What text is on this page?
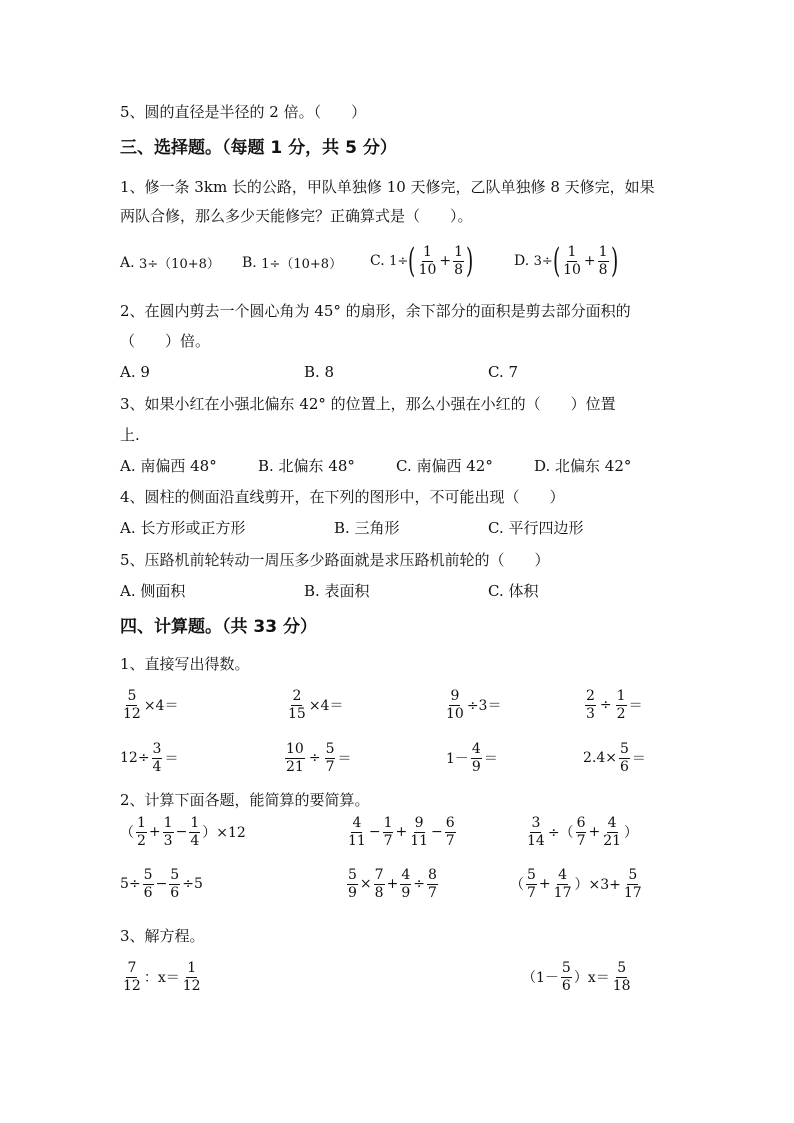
5、圆的直径是半径的 2 倍。（　　）
三、选择题。（每题 1 分，共 5 分）
1、修一条 3km 长的公路，甲队单独修 10 天修完，乙队单独修 8 天修完，如果
两队合修，那么多少天能修完？正确算式是（　　）。
A.
3÷（10+8） B.
1÷（10+8） C.
1÷ ( $\frac{1}{10} + \frac{1}{8}$ )	D.
3÷ ( $\frac{1}{10} + \frac{1}{8}$ )
2、在圆内剪去一个圆心角为 45° 的扇形，余下部分的面积是剪去部分面积的
（　　）倍。
A. 9	B. 8	C. 7
3、如果小红在小强北偏东 42° 的位置上，那么小强在小红的（　　）位置
上.
A. 南偏西 48°	B. 北偏东 48°	C. 南偏西 42°	D. 北偏东 42°
4、圆柱的侧面沿直线剪开，在下列的图形中，不可能出现（　　）
A. 长方形或正方形	B. 三角形	C. 平行四边形
5、压路机前轮转动一周压多少路面就是求压路机前轮的（　　）
A. 侧面积	B. 表面积	C. 体积
四、计算题。（共 33 分）
1、直接写出得数。
$\frac{5}{12} \times 4=$	$\frac{2}{15} \times 4=$	$\frac{9}{10} \div 3=$	$\frac{2}{3} \div \frac{1}{2}$ ＝
$12\div \frac{3}{4}$ ＝	$\frac{10}{21} \div \frac{5}{7}$ ＝	$1- \frac{4}{9}$ ＝	$2.4\times \frac{5}{6}$ ＝
2、计算下面各题，能简算的要简算。
（ $\frac{1}{2} + \frac{1}{3} - \frac{1}{4} )\times 12$	$\frac{4}{11} - \frac{1}{7} + \frac{9}{11} - \frac{6}{7}$	$\frac{3}{14}$ ÷（ $\frac{6}{7} + \frac{4}{21}$ ）
$5\div \frac{5}{6} - \frac{5}{6} \div 5$	$\frac{5}{9} \times \frac{7}{8} + \frac{4}{9} \div \frac{8}{7}$	（ $\frac{5}{7} + \frac{4}{17} )\times 3+ \frac{5}{17}$
3、解方程。
$\frac{7}{12}$ ：$x= \frac{1}{12}$	$(1- \frac{5}{6} )x= \frac{5}{18}$
